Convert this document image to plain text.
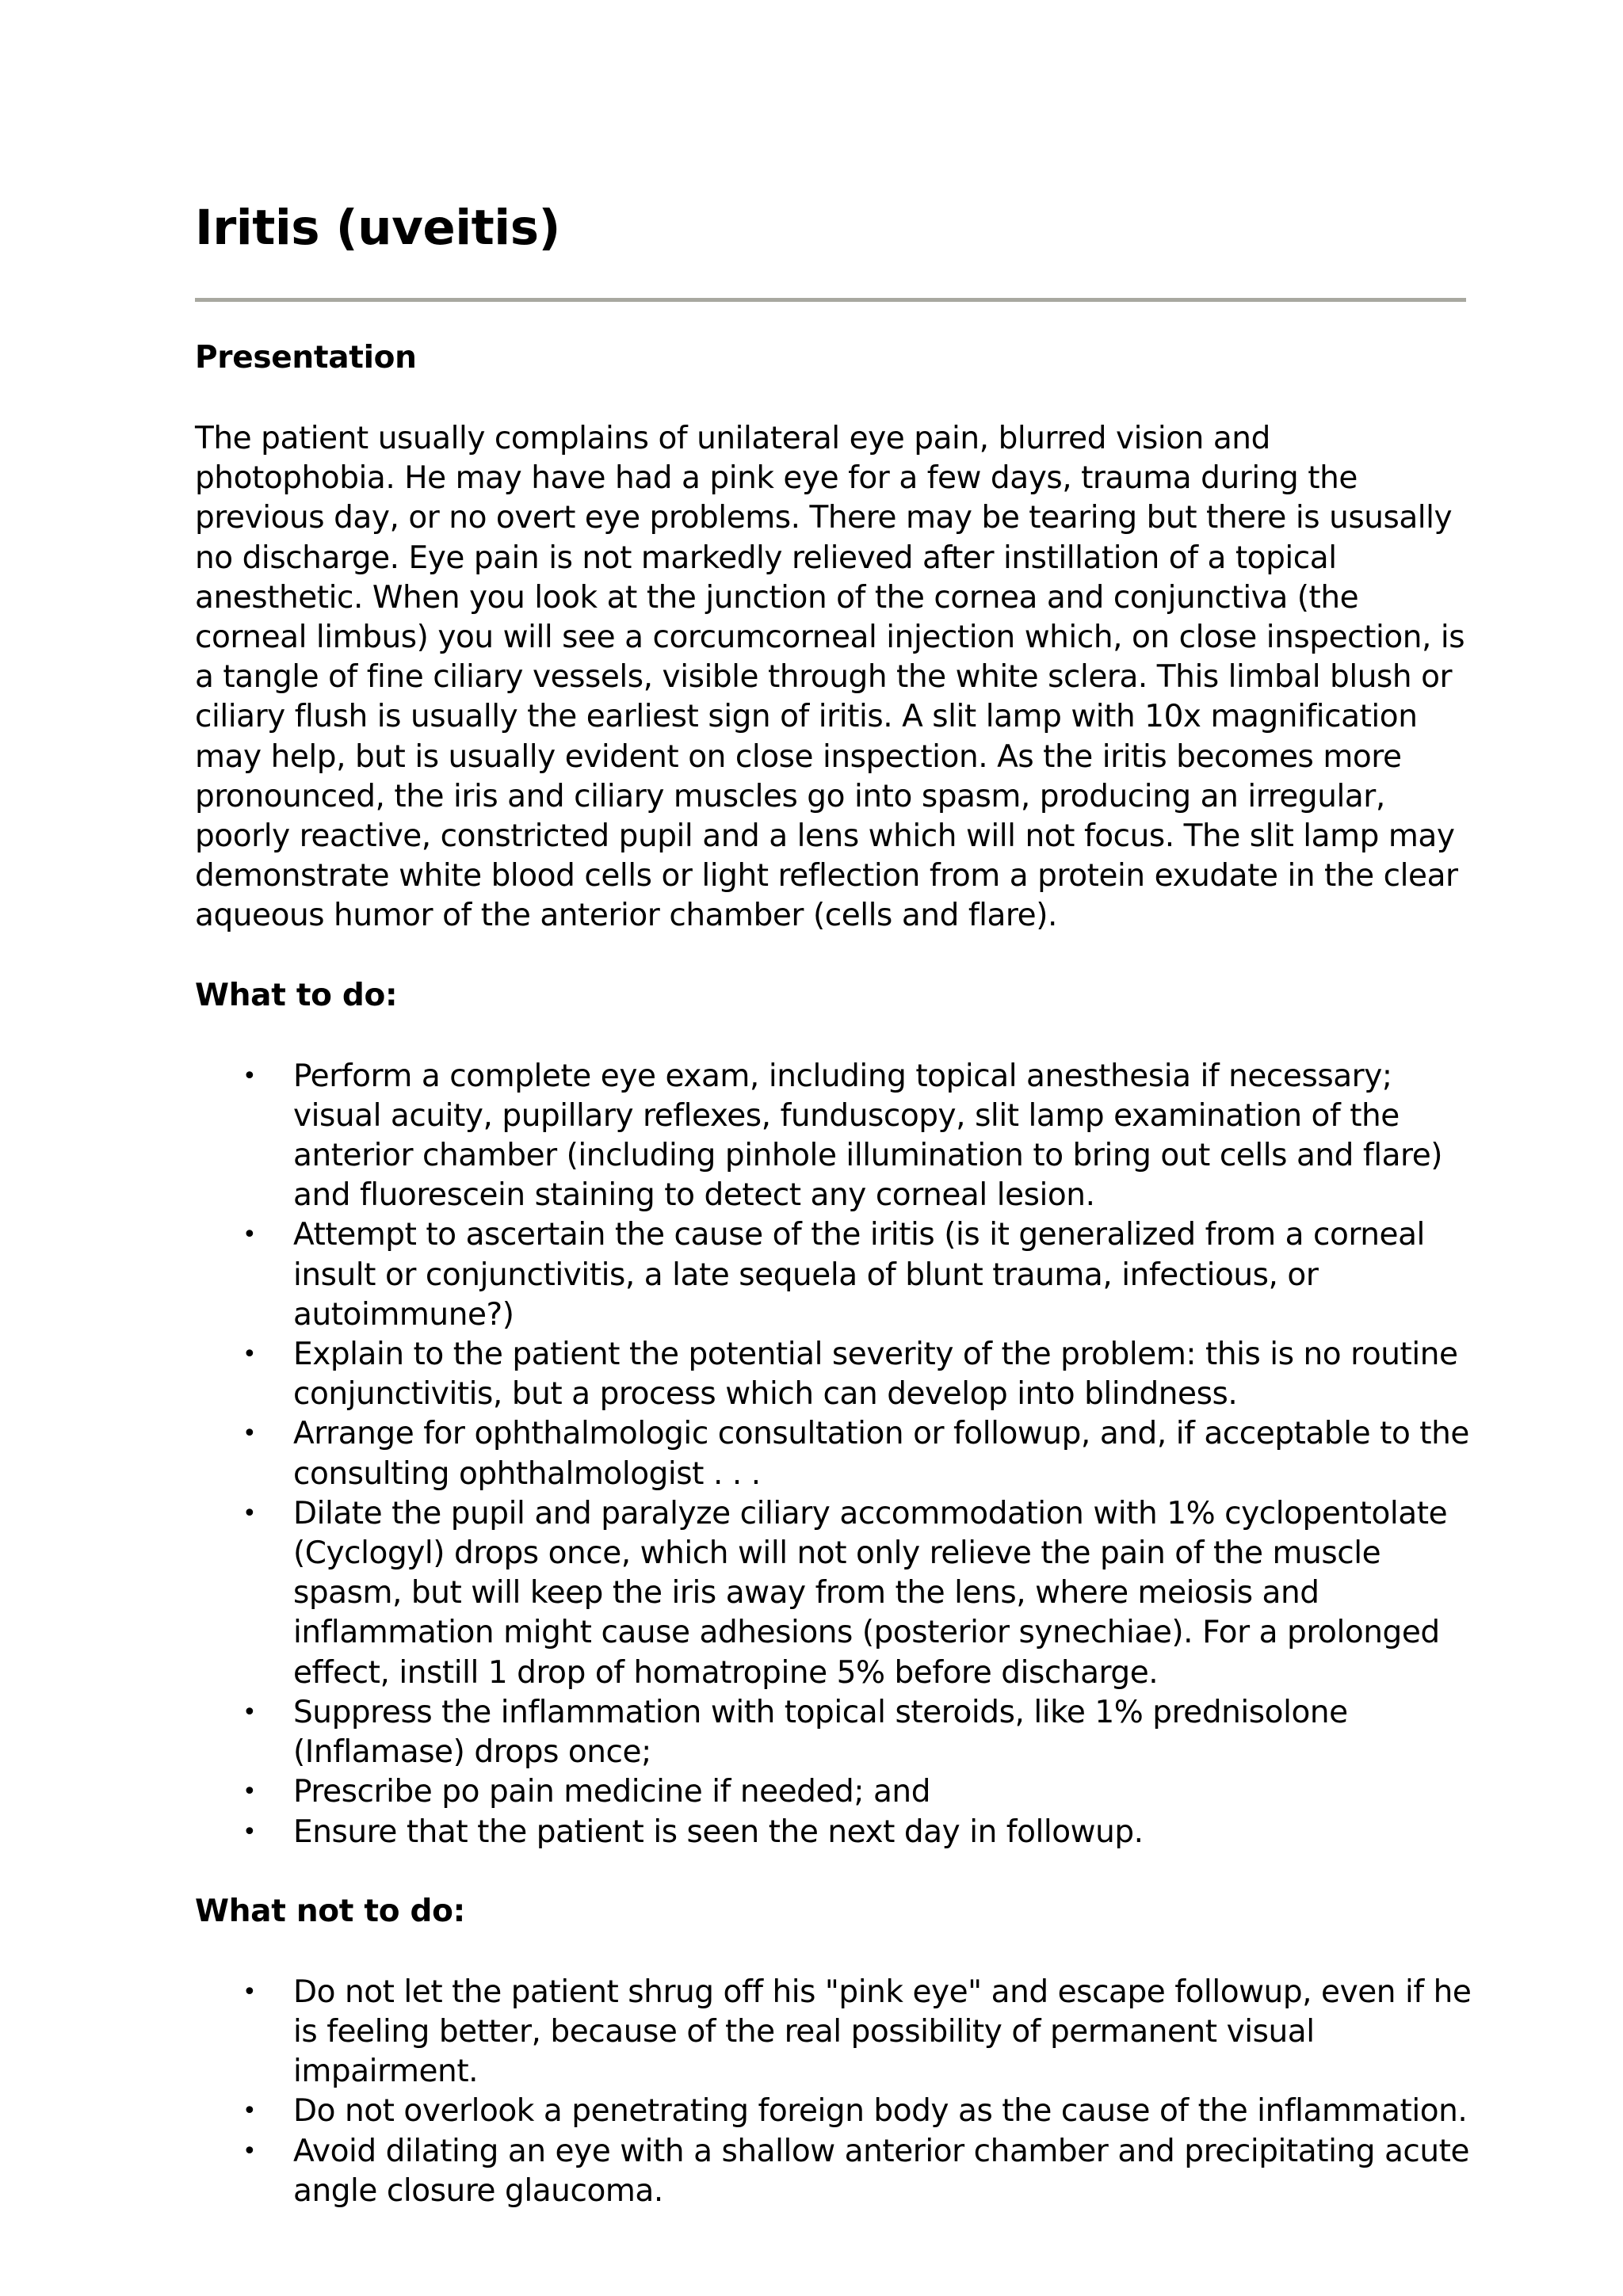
Iritis (uveitis)
Presentation

The patient usually complains of unilateral eye pain, blurred vision and photophobia. He may have had a pink eye for a few days, trauma during the previous day, or no overt eye problems. There may be tearing but there is ususally no discharge. Eye pain is not markedly relieved after instillation of a topical anesthetic. When you look at the junction of the cornea and conjunctiva (the corneal limbus) you will see a corcumcorneal injection which, on close inspection, is a tangle of fine ciliary vessels, visible through the white sclera. This limbal blush or ciliary flush is usually the earliest sign of iritis. A slit lamp with 10x magnification may help, but is usually evident on close inspection. As the iritis becomes more pronounced, the iris and ciliary muscles go into spasm, producing an irregular, poorly reactive, constricted pupil and a lens which will not focus. The slit lamp may demonstrate white blood cells or light reflection from a protein exudate in the clear aqueous humor of the anterior chamber (cells and flare).

What to do:
• Perform a complete eye exam, including topical anesthesia if necessary; visual acuity, pupillary reflexes, funduscopy, slit lamp examination of the anterior chamber (including pinhole illumination to bring out cells and flare) and fluorescein staining to detect any corneal lesion.
• Attempt to ascertain the cause of the iritis (is it generalized from a corneal insult or conjunctivitis, a late sequela of blunt trauma, infectious, or autoimmune?)
• Explain to the patient the potential severity of the problem: this is no routine conjunctivitis, but a process which can develop into blindness.
• Arrange for ophthalmologic consultation or followup, and, if acceptable to the consulting ophthalmologist . . .
• Dilate the pupil and paralyze ciliary accommodation with 1% cyclopentolate (Cyclogyl) drops once, which will not only relieve the pain of the muscle spasm, but will keep the iris away from the lens, where meiosis and inflammation might cause adhesions (posterior synechiae). For a prolonged effect, instill 1 drop of homatropine 5% before discharge.
• Suppress the inflammation with topical steroids, like 1% prednisolone (Inflamase) drops once;
• Prescribe po pain medicine if needed; and
• Ensure that the patient is seen the next day in followup.
What not to do:
• Do not let the patient shrug off his "pink eye" and escape followup, even if he is feeling better, because of the real possibility of permanent visual impairment.
• Do not overlook a penetrating foreign body as the cause of the inflammation.
• Avoid dilating an eye with a shallow anterior chamber and precipitating acute angle closure glaucoma.
